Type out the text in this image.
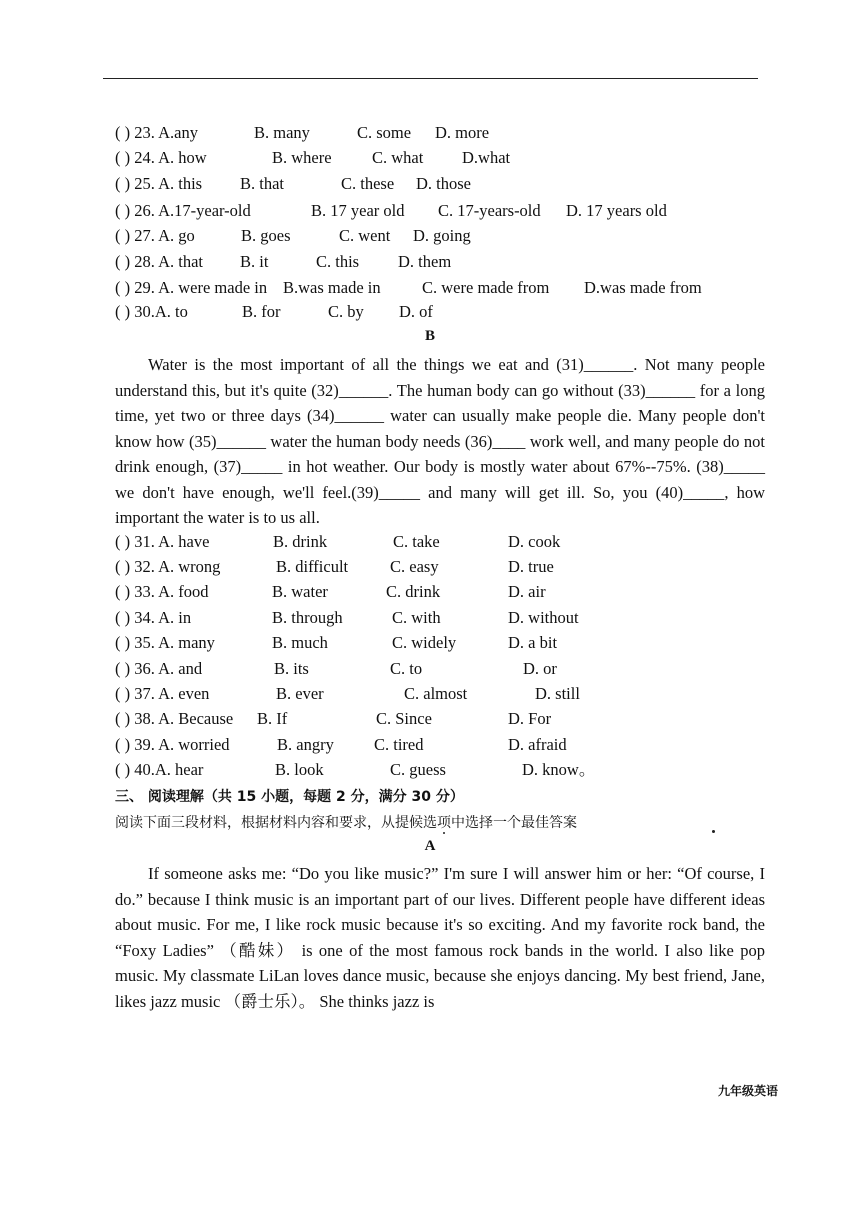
( ) 23. A.any	B. many	C. some D. more
( ) 24. A. how	B. where C. what D.what
( ) 25. A. this B. that	C. these D. those
( ) 26. A.17-year-old	B. 17 year old C. 17-years-old D. 17 years old
( ) 27. A. go	B. goes	C. went D. going
( ) 28. A. that B. it	C. this D. them
( ) 29. A. were made in B.was made in	C. were made from D.was made from
( ) 30.A. to	B. for	C. by D. of
B

Water is the most important of all the things we eat and (31)______. Not many people understand this, but it's quite (32)______. The human body can go without (33)______ for a long time, yet two or three days (34)______ water can usually make people die. Many people don't know how (35)______ water the human body needs (36)____ work well, and many people do not drink enough, (37)_____ in hot weather. Our body is mostly water about 67%--75%. (38)_____ we don't have enough, we'll feel.(39)_____ and many will get ill. So, you (40)_____, how important the water is to us all.

( ) 31. A. have	B. drink	C. take	D. cook
( ) 32. A. wrong	B. difficult	C. easy	D. true
( ) 33. A. food	B. water	C. drink	D. air
( ) 34. A. in	B. through	C. with	D. without
( ) 35. A. many	B. much	C. widely	D. a bit
( ) 36. A. and	B. its	C. to	D. or
( ) 37. A. even	B. ever	C. almost	D. still
( ) 38. A. Because B. If	C. Since	D. For
( ) 39. A. worried	B. angry C. tired	D. afraid
( ) 40.A. hear	B. look	C. guess	D. know。
三、 阅读理解（共 15 小题，每题 2 分，满分 30 分）
阅读下面三段材料，根据材料内容和要求，从提候选项中选择一个最佳答案
A

If someone asks me: “Do you like music?” I'm sure I will answer him or her: “Of course, I do.” because I think music is an important part of our lives. Different people have different ideas about music. For me, I like rock music because it's so exciting. And my favorite rock band, the “Foxy Ladies” （酷妹） is one of the most famous rock bands in the world. I also like pop music. My classmate LiLan loves dance music, because she enjoys dancing. My best friend, Jane, likes jazz music （爵士乐）。 She thinks jazz is

九年级英语
